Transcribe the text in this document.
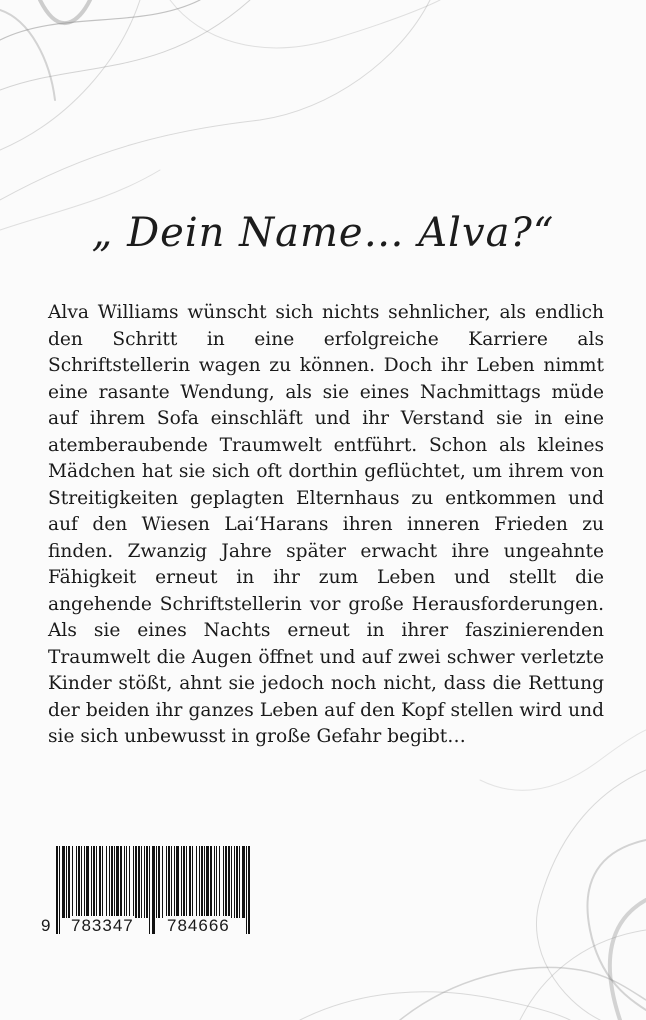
„ Dein Name… Alva?“
Alva Williams wünscht sich nichts sehnlicher, als endlich den Schritt in eine erfolgreiche Karriere als Schriftstellerin wagen zu können. Doch ihr Leben nimmt eine rasante Wendung, als sie eines Nachmittags müde auf ihrem Sofa einschläft und ihr Verstand sie in eine atemberaubende Traumwelt entführt. Schon als kleines Mädchen hat sie sich oft dorthin geflüchtet, um ihrem von Streitigkeiten geplagten Elternhaus zu entkommen und auf den Wiesen Lai‘Harans ihren inneren Frieden zu finden. Zwanzig Jahre später erwacht ihre ungeahnte Fähigkeit erneut in ihr zum Leben und stellt die angehende Schriftstellerin vor große Herausforderungen. Als sie eines Nachts erneut in ihrer faszinierenden Traumwelt die Augen öffnet und auf zwei schwer verletzte Kinder stößt, ahnt sie jedoch noch nicht, dass die Rettung der beiden ihr ganzes Leben auf den Kopf stellen wird und sie sich unbewusst in große Gefahr begibt…
9 783347 784666
